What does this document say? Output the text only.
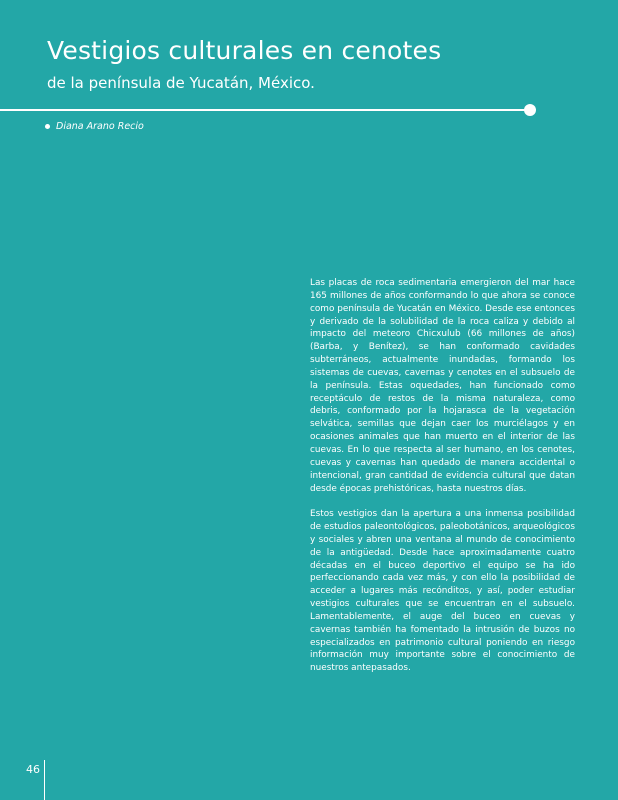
Vestigios culturales en cenotes
de la península de Yucatán, México.
Diana Arano Recio

Las placas de roca sedimentaria emergieron del mar hace 165 millones de años conformando lo que ahora se conoce como península de Yucatán en México. Desde ese entonces y derivado de la solubilidad de la roca caliza y debido al impacto del meteoro Chicxulub (66 millones de años) (Barba, y Benítez), se han conformado cavidades subterráneos, actualmente inundadas, formando los sistemas de cuevas, cavernas y cenotes en el subsuelo de la península. Estas oquedades, han funcionado como receptáculo de restos de la misma naturaleza, como debris, conformado por la hojarasca de la vegetación selvática, semillas que dejan caer los murciélagos y en ocasiones animales que han muerto en el interior de las cuevas. En lo que respecta al ser humano, en los cenotes, cuevas y cavernas han quedado de manera accidental o intencional, gran cantidad de evidencia cultural que datan desde épocas prehistóricas, hasta nuestros días.

Estos vestigios dan la apertura a una inmensa posibilidad de estudios paleontológicos, paleobotánicos, arqueológicos y sociales y abren una ventana al mundo de conocimiento de la antigüedad. Desde hace aproximadamente cuatro décadas en el buceo deportivo el equipo se ha ido perfeccionando cada vez más, y con ello la posibilidad de acceder a lugares más recónditos, y así, poder estudiar vestigios culturales que se encuentran en el subsuelo. Lamentablemente, el auge del buceo en cuevas y cavernas también ha fomentado la intrusión de buzos no especializados en patrimonio cultural poniendo en riesgo información muy importante sobre el conocimiento de nuestros antepasados.

46
